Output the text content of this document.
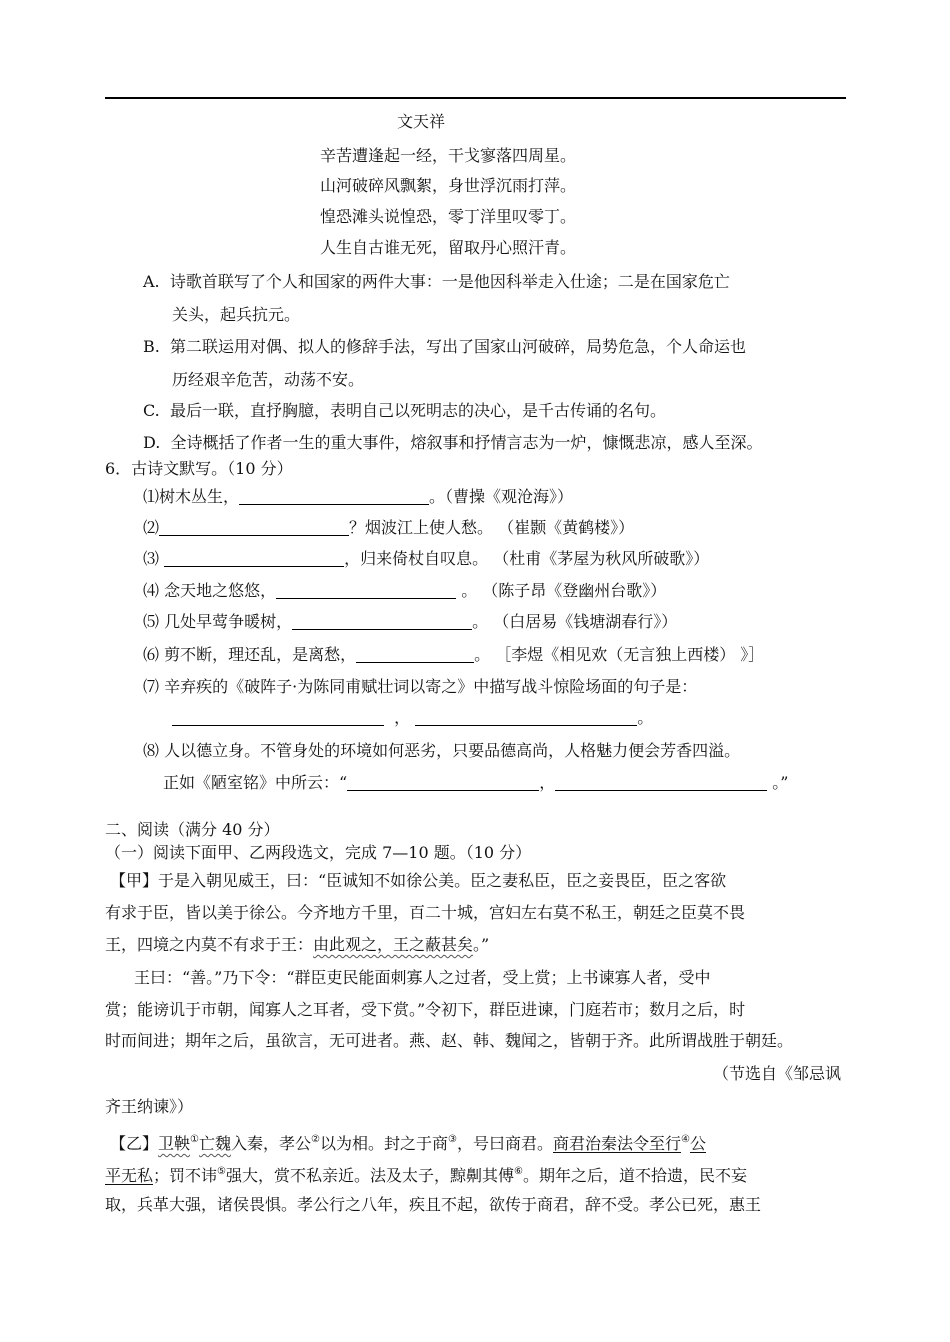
文天祥
辛苦遭逢起一经，干戈寥落四周星。
山河破碎风飘絮，身世浮沉雨打萍。
惶恐滩头说惶恐，零丁洋里叹零丁。
人生自古谁无死，留取丹心照汗青。
A. 诗歌首联写了个人和国家的两件大事：一是他因科举走入仕途；二是在国家危亡
关头，起兵抗元。
B. 第二联运用对偶、拟人的修辞手法，写出了国家山河破碎，局势危急，个人命运也
历经艰辛危苦，动荡不安。
C. 最后一联，直抒胸臆，表明自己以死明志的决心，是千古传诵的名句。
D. 全诗概括了作者一生的重大事件，熔叙事和抒情言志为一炉，慷慨悲凉，感人至深。
6．古诗文默写。（10 分）
⑴树木丛生，	。（曹操《观沧海》）
⑵	？烟波江上使人愁。 （崔颢《黄鹤楼》）
⑶	，归来倚杖自叹息。 （杜甫《茅屋为秋风所破歌》）
⑷ 念天地之悠悠，	。 （陈子昂《登幽州台歌》）
⑸ 几处早莺争暖树，	。 （白居易《钱塘湖春行》）
⑹ 剪不断，理还乱，是离愁，	。 ［李煜《相见欢（无言独上西楼） 》］
⑺ 辛弃疾的《破阵子·为陈同甫赋壮词以寄之》中描写战斗惊险场面的句子是：
，	。
⑻ 人以德立身。不管身处的环境如何恶劣，只要品德高尚，人格魅力便会芳香四溢。
正如《陋室铭》中所云：“	，	。”
二、阅读（满分 40 分）
（一）阅读下面甲、乙两段选文，完成 7—10 题。（10 分）
【甲】于是入朝见威王，曰：“臣诚知不如徐公美。臣之妻私臣，臣之妾畏臣，臣之客欲
有求于臣，皆以美于徐公。今齐地方千里，百二十城，宫妇左右莫不私王，朝廷之臣莫不畏
王，四境之内莫不有求于王：由此观之，王之蔽甚矣。”
王曰：“善。”乃下令：“群臣吏民能面刺寡人之过者，受上赏；上书谏寡人者，受中
赏；能谤讥于市朝，闻寡人之耳者，受下赏。”令初下，群臣进谏，门庭若市；数月之后，时
时而间进；期年之后，虽欲言，无可进者。燕、赵、韩、魏闻之，皆朝于齐。此所谓战胜于朝廷。
（节选自《邹忌讽
齐王纳谏》）
【乙】卫鞅①亡魏入秦，孝公②以为相。封之于商③，号曰商君。商君治秦法令至行④公
平无私；罚不讳⑤强大，赏不私亲近。法及太子，黥劓其傅⑥。期年之后，道不拾遗，民不妄
取，兵革大强，诸侯畏惧。孝公行之八年，疾且不起，欲传于商君，辞不受。孝公已死，惠王
